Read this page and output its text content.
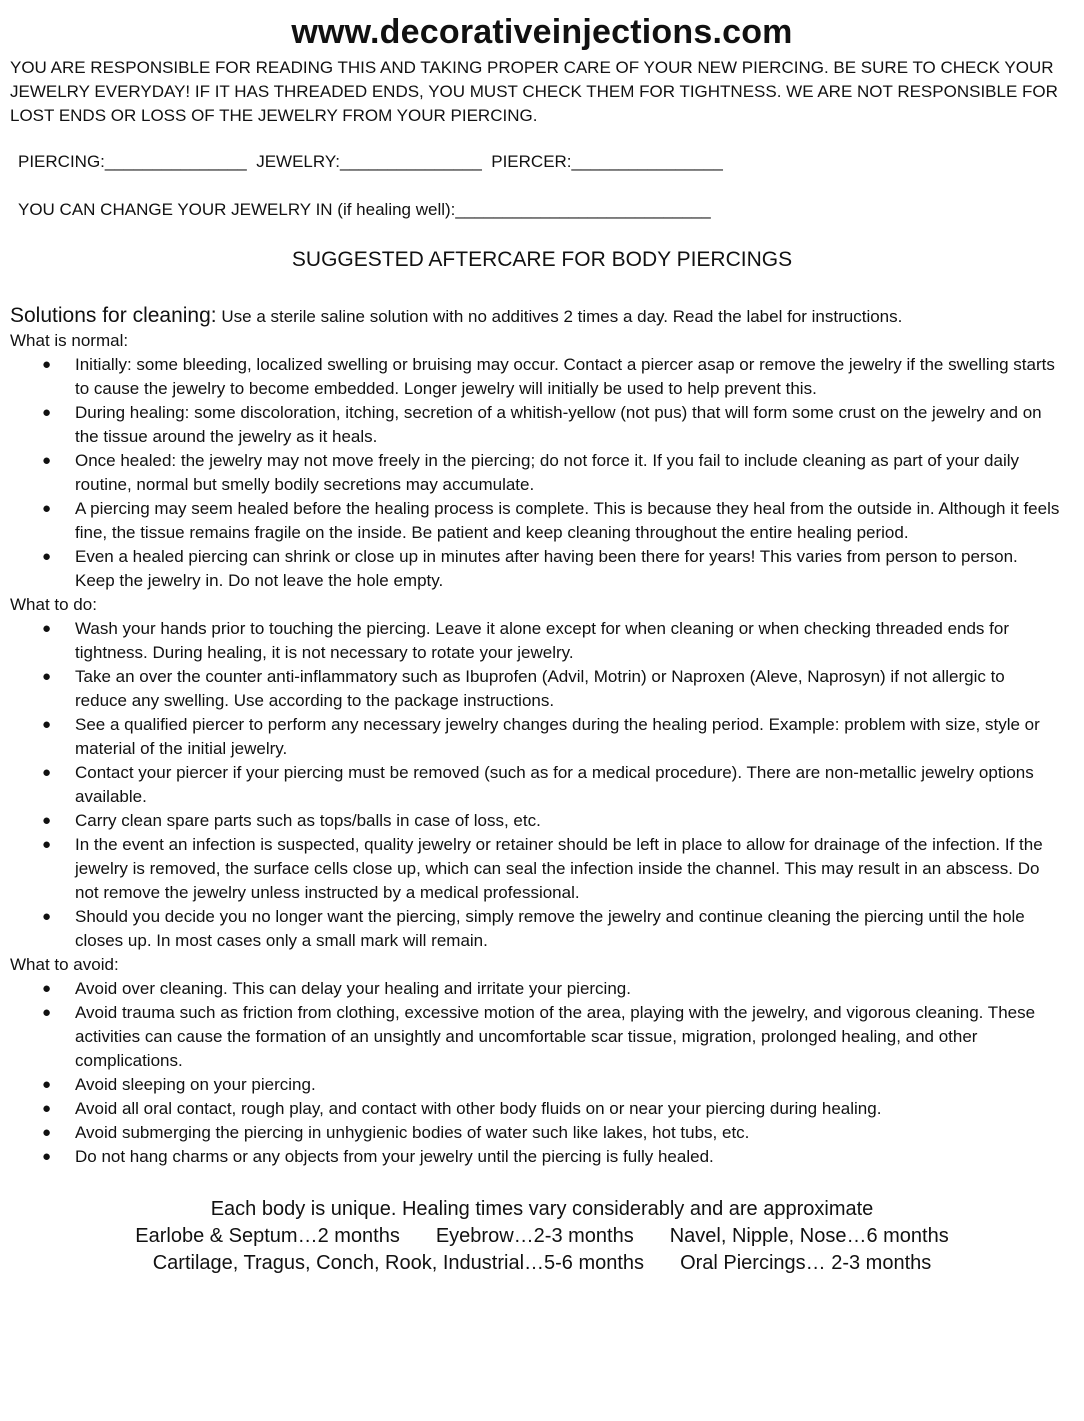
www.decorativeinjections.com
YOU ARE RESPONSIBLE FOR READING THIS AND TAKING PROPER CARE OF YOUR NEW PIERCING. BE SURE TO CHECK YOUR JEWELRY EVERYDAY! IF IT HAS THREADED ENDS, YOU MUST CHECK THEM FOR TIGHTNESS. WE ARE NOT RESPONSIBLE FOR LOST ENDS OR LOSS OF THE JEWELRY FROM YOUR PIERCING.
PIERCING:_______________ JEWELRY:_______________ PIERCER:________________
YOU CAN CHANGE YOUR JEWELRY IN (if healing well):___________________________
SUGGESTED AFTERCARE FOR BODY PIERCINGS

Solutions for cleaning: Use a sterile saline solution with no additives 2 times a day. Read the label for instructions.

What is normal:

● Initially: some bleeding, localized swelling or bruising may occur. Contact a piercer asap or remove the jewelry if the swelling starts to cause the jewelry to become embedded. Longer jewelry will initially be used to help prevent this.
● During healing: some discoloration, itching, secretion of a whitish-yellow (not pus) that will form some crust on the jewelry and on the tissue around the jewelry as it heals.
● Once healed: the jewelry may not move freely in the piercing; do not force it. If you fail to include cleaning as part of your daily routine, normal but smelly bodily secretions may accumulate.
● A piercing may seem healed before the healing process is complete. This is because they heal from the outside in. Although it feels fine, the tissue remains fragile on the inside. Be patient and keep cleaning throughout the entire healing period.
● Even a healed piercing can shrink or close up in minutes after having been there for years! This varies from person to person. Keep the jewelry in. Do not leave the hole empty.

What to do:

● Wash your hands prior to touching the piercing. Leave it alone except for when cleaning or when checking threaded ends for tightness. During healing, it is not necessary to rotate your jewelry.
● Take an over the counter anti-inflammatory such as Ibuprofen (Advil, Motrin) or Naproxen (Aleve, Naprosyn) if not allergic to reduce any swelling. Use according to the package instructions.
● See a qualified piercer to perform any necessary jewelry changes during the healing period. Example: problem with size, style or material of the initial jewelry.
● Contact your piercer if your piercing must be removed (such as for a medical procedure). There are non-metallic jewelry options available.
● Carry clean spare parts such as tops/balls in case of loss, etc.
● In the event an infection is suspected, quality jewelry or retainer should be left in place to allow for drainage of the infection. If the jewelry is removed, the surface cells close up, which can seal the infection inside the channel. This may result in an abscess. Do not remove the jewelry unless instructed by a medical professional.
● Should you decide you no longer want the piercing, simply remove the jewelry and continue cleaning the piercing until the hole closes up. In most cases only a small mark will remain.

What to avoid:

● Avoid over cleaning. This can delay your healing and irritate your piercing.
● Avoid trauma such as friction from clothing, excessive motion of the area, playing with the jewelry, and vigorous cleaning. These activities can cause the formation of an unsightly and uncomfortable scar tissue, migration, prolonged healing, and other complications.
● Avoid sleeping on your piercing.
● Avoid all oral contact, rough play, and contact with other body fluids on or near your piercing during healing.
● Avoid submerging the piercing in unhygienic bodies of water such like lakes, hot tubs, etc.
● Do not hang charms or any objects from your jewelry until the piercing is fully healed.
Each body is unique. Healing times vary considerably and are approximate
Earlobe & Septum…2 months Eyebrow…2-3 months Navel, Nipple, Nose…6 months
Cartilage, Tragus, Conch, Rook, Industrial…5-6 months Oral Piercings… 2-3 months
